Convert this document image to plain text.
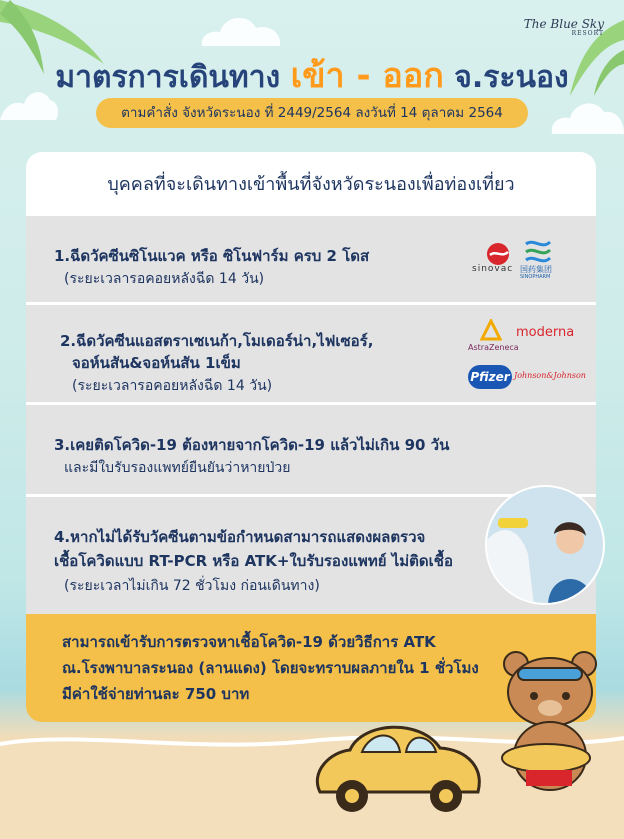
The Blue Sky
RESORT
มาตรการเดินทาง เข้า - ออก จ.ระนอง
ตามคำสั่ง จังหวัดระนอง ที่ 2449/2564 ลงวันที่ 14 ตุลาคม 2564
บุคคลที่จะเดินทางเข้าพื้นที่จังหวัดระนองเพื่อท่องเที่ยว
1.ฉีดวัคซีนซิโนแวค หรือ ซิโนฟาร์ม ครบ 2 โดส
(ระยะเวลารอคอยหลังฉีด 14 วัน)
sinovac 国药集团
SINOPHARM
2.ฉีดวัคซีนแอสตราเซเนก้า,โมเดอร์น่า,ไฟเซอร์,
จอห์นสัน&จอห์นสัน 1เข็ม
(ระยะเวลารอคอยหลังฉีด 14 วัน)
AstraZeneca
moderna
Pfizer Johnson&Johnson
3.เคยติดโควิด-19 ต้องหายจากโควิด-19 แล้วไม่เกิน 90 วัน
และมีใบรับรองแพทย์ยืนยันว่าหายป่วย
4.หากไม่ได้รับวัคซีนตามข้อกำหนดสามารถแสดงผลตรวจ
เชื้อโควิดแบบ RT-PCR หรือ ATK+ใบรับรองแพทย์ ไม่ติดเชื้อ
(ระยะเวลาไม่เกิน 72 ชั่วโมง ก่อนเดินทาง)
สามารถเข้ารับการตรวจหาเชื้อโควิด-19 ด้วยวิธีการ ATK
ณ.โรงพาบาลระนอง (ลานแดง) โดยจะทราบผลภายใน 1 ชั่วโมง
มีค่าใช้จ่ายท่านละ 750 บาท
